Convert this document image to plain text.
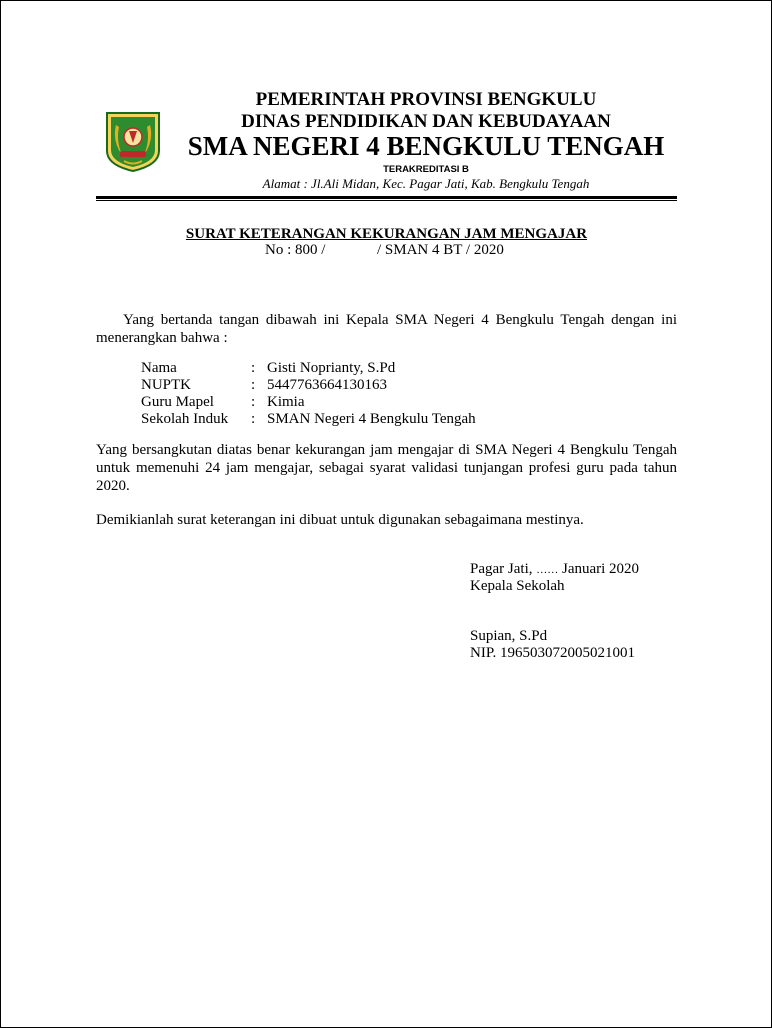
PEMERINTAH PROVINSI BENGKULU
DINAS PENDIDIKAN DAN KEBUDAYAAN
SMA NEGERI 4 BENGKULU TENGAH
TERAKREDITASI B
Alamat : Jl.Ali Midan, Kec. Pagar Jati, Kab. Bengkulu Tengah
SURAT KETERANGAN KEKURANGAN JAM MENGAJAR
No : 800 /	/ SMAN 4 BT / 2020

Yang bertanda tangan dibawah ini Kepala SMA Negeri 4 Bengkulu Tengah dengan ini menerangkan bahwa :

Nama	: Gisti Noprianty, S.Pd
NUPTK	: 5447763664130163
Guru Mapel : Kimia
Sekolah Induk : SMAN Negeri 4 Bengkulu Tengah

Yang bersangkutan diatas benar kekurangan jam mengajar di SMA Negeri 4 Bengkulu Tengah untuk memenuhi 24 jam mengajar, sebagai syarat validasi tunjangan profesi guru pada tahun 2020.

Demikianlah surat keterangan ini dibuat untuk digunakan sebagaimana mestinya.

Pagar Jati, …… Januari 2020
Kepala Sekolah
Supian, S.Pd
NIP. 196503072005021001
